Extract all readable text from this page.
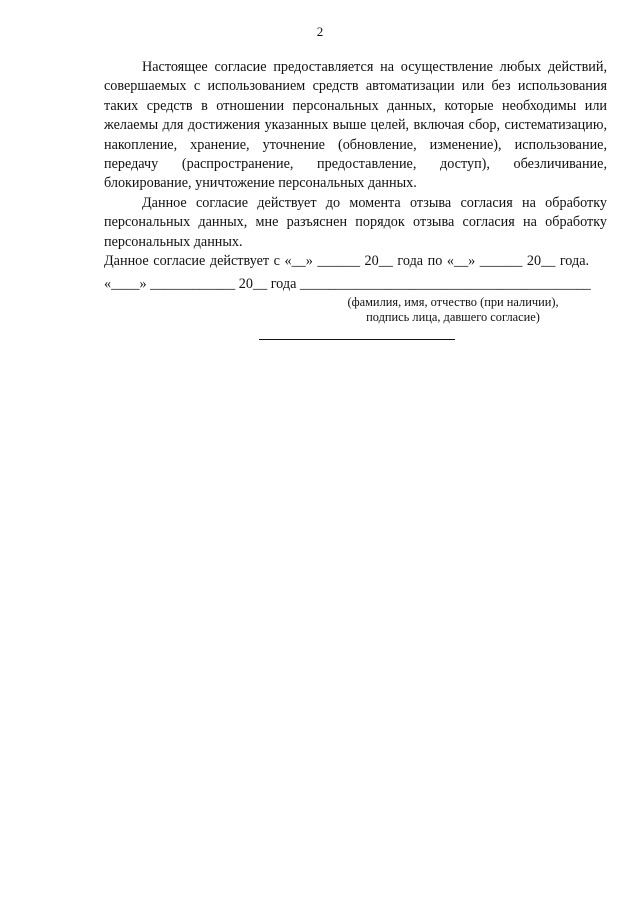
2

Настоящее согласие предоставляется на осуществление любых действий, совершаемых с использованием средств автоматизации или без использования таких средств в отношении персональных данных, которые необходимы или желаемы для достижения указанных выше целей, включая сбор, систематизацию, накопление, хранение, уточнение (обновление, изменение), использование, передачу (распространение, предоставление, доступ), обезличивание, блокирование, уничтожение персональных данных.

Данное согласие действует до момента отзыва согласия на обработку персональных данных, мне разъяснен порядок отзыва согласия на обработку персональных данных.

Данное согласие действует с «__» ______ 20__ года по «__» ______ 20__ года.

«____» ____________ 20__ года _________________________________________

(фамилия, имя, отчество (при наличии),

подпись лица, давшего согласие)
